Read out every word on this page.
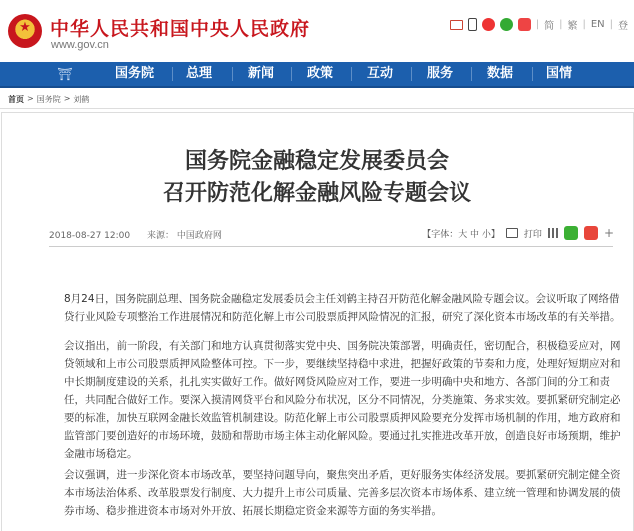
★	中华人民共和国中央人民政府
www.gov.cn
| 简 | 繁 | EN | 登
⛩	国务院 总理	新闻	政策	互动	服务	数据	国情
首页 > 国务院 > 刘鹤
国务院金融稳定发展委员会
召开防范化解金融风险专题会议
2018-08-27 12:00 来源： 中国政府网	【字体：大 中 小】	打印	+
8月24日，国务院副总理、国务院金融稳定发展委员会主任刘鹤主持召开防范化解金融风险专题会议。会议听取了网络借贷行业风险专项整治工作进展情况和防范化解上市公司股票质押风险情况的汇报，研究了深化资本市场改革的有关举措。
会议指出，前一阶段，有关部门和地方认真贯彻落实党中央、国务院决策部署，明确责任，密切配合，积极稳妥应对，网贷领域和上市公司股票质押风险整体可控。下一步，要继续坚持稳中求进，把握好政策的节奏和力度，处理好短期应对和中长期制度建设的关系，扎扎实实做好工作。做好网贷风险应对工作，要进一步明确中央和地方、各部门间的分工和责任，共同配合做好工作。要深入摸清网贷平台和风险分布状况，区分不同情况，分类施策、务求实效。要抓紧研究制定必要的标准，加快互联网金融长效监管机制建设。防范化解上市公司股票质押风险要充分发挥市场机制的作用，地方政府和监管部门要创造好的市场环境，鼓励和帮助市场主体主动化解风险。要通过扎实推进改革开放，创造良好市场预期，维护金融市场稳定。
会议强调，进一步深化资本市场改革，要坚持问题导向，聚焦突出矛盾，更好服务实体经济发展。要抓紧研究制定健全资本市场法治体系、改革股票发行制度、大力提升上市公司质量、完善多层次资本市场体系、建立统一管理和协调发展的债券市场、稳步推进资本市场对外开放、拓展长期稳定资金来源等方面的务实举措。
